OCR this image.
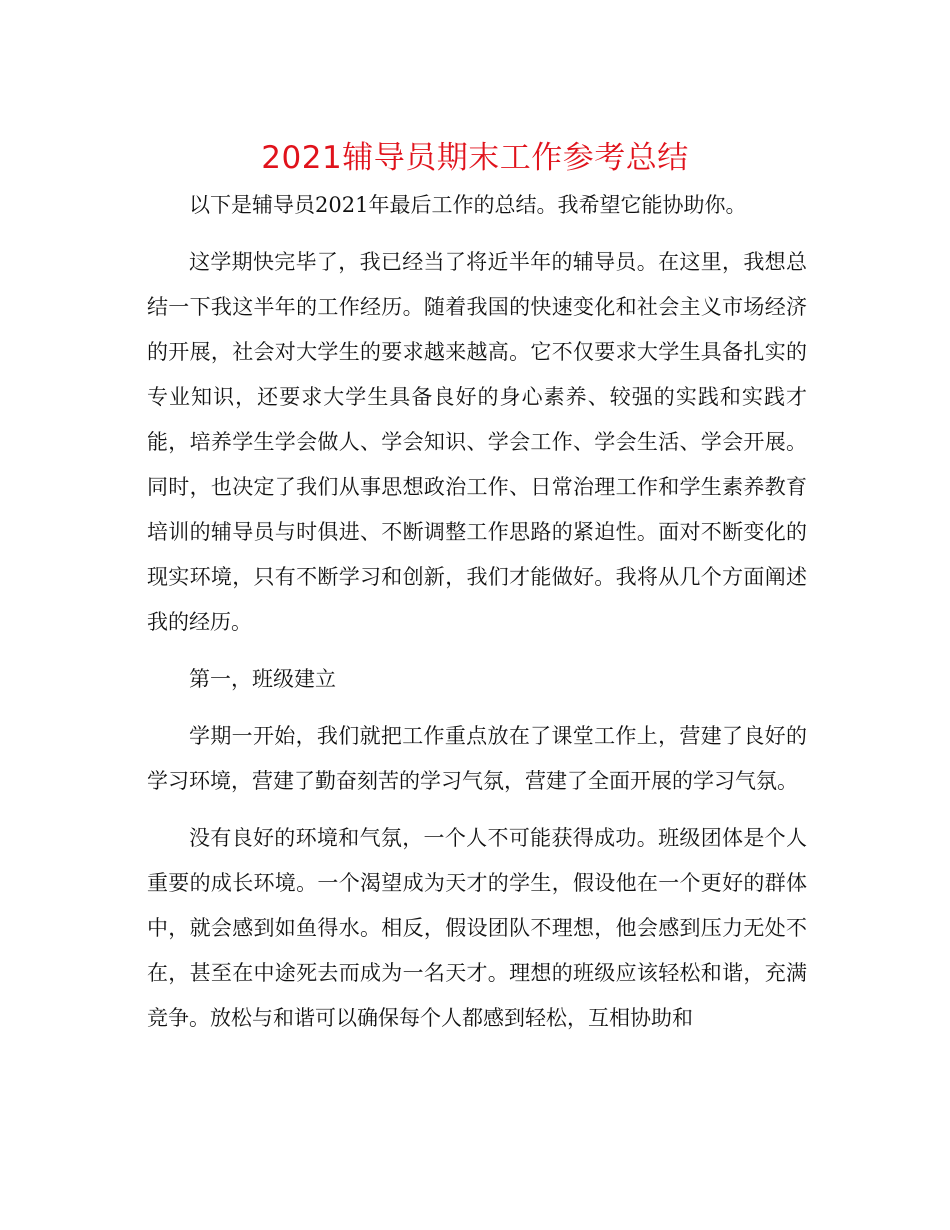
2021辅导员期末工作参考总结

以下是辅导员2021年最后工作的总结。我希望它能协助你。

这学期快完毕了，我已经当了将近半年的辅导员。在这里，我想总结一下我这半年的工作经历。随着我国的快速变化和社会主义市场经济的开展，社会对大学生的要求越来越高。它不仅要求大学生具备扎实的专业知识，还要求大学生具备良好的身心素养、较强的实践和实践才能，培养学生学会做人、学会知识、学会工作、学会生活、学会开展。同时，也决定了我们从事思想政治工作、日常治理工作和学生素养教育培训的辅导员与时俱进、不断调整工作思路的紧迫性。面对不断变化的现实环境，只有不断学习和创新，我们才能做好。我将从几个方面阐述我的经历。

第一，班级建立

学期一开始，我们就把工作重点放在了课堂工作上，营建了良好的学习环境，营建了勤奋刻苦的学习气氛，营建了全面开展的学习气氛。

没有良好的环境和气氛，一个人不可能获得成功。班级团体是个人重要的成长环境。一个渴望成为天才的学生，假设他在一个更好的群体中，就会感到如鱼得水。相反，假设团队不理想，他会感到压力无处不在，甚至在中途死去而成为一名天才。理想的班级应该轻松和谐，充满竞争。放松与和谐可以确保每个人都感到轻松，互相协助和
